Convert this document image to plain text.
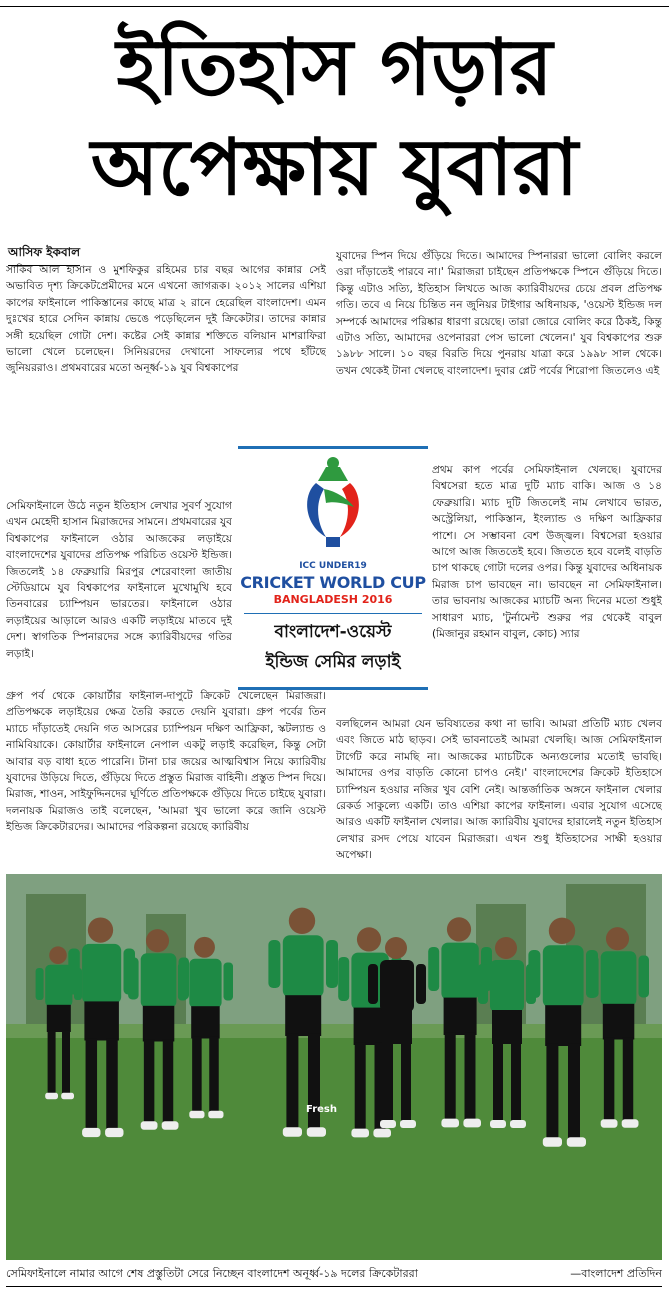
ইতিহাস গড়ার
অপেক্ষায় যুবারা
আসিফ ইকবাল

সাকিব আল হাসান ও মুশফিকুর রহিমের চার বছর আগের কান্নার সেই অভাবিত দৃশ্য ক্রিকেটপ্রেমীদের মনে এখনো জাগরূক। ২০১২ সালের এশিয়া কাপের ফাইনালে পাকিস্তানের কাছে মাত্র ২ রানে হেরেছিল বাংলাদেশ। এমন দুঃখের হারে সেদিন কান্নায় ভেঙে পড়েছিলেন দুই ক্রিকেটার। তাদের কান্নার সঙ্গী হয়েছিল গোটা দেশ। কষ্টের সেই কান্নার শক্তিতে বলিয়ান মাশরাফিরা ভালো খেলে চলেছেন। সিনিয়রদের দেখানো সাফল্যের পথে হাঁটছে জুনিয়ররাও। প্রথমবারের মতো অনূর্ধ্ব-১৯ যুব বিশ্বকাপের

সেমিফাইনালে উঠে নতুন ইতিহাস লেখার সুবর্ণ সুযোগ এখন মেহেদী হাসান মিরাজদের সামনে। প্রথমবারের যুব বিশ্বকাপের ফাইনালে ওঠার আজকের লড়াইয়ে বাংলাদেশের যুবাদের প্রতিপক্ষ পরিচিত ওয়েস্ট ইন্ডিজ। জিতলেই ১৪ ফেব্রুয়ারি মিরপুর শেরেবাংলা জাতীয় স্টেডিয়ামে যুব বিশ্বকাপের ফাইনালে মুখোমুখি হবে তিনবারের চ্যাম্পিয়ন ভারতের। ফাইনালে ওঠার লড়াইয়ের আড়ালে আরও একটি লড়াইয়ে মাতবে দুই দেশ। স্বাগতিক স্পিনারদের সঙ্গে ক্যারিবীয়দের গতির লড়াই।

গ্রুপ পর্ব থেকে কোয়ার্টার ফাইনাল-দাপুটে ক্রিকেট খেলেছেন মিরাজরা। প্রতিপক্ষকে লড়াইয়ের ক্ষেত্র তৈরি করতে দেয়নি যুবারা। গ্রুপ পর্বের তিন ম্যাচে দাঁড়াতেই দেয়নি গত আসরের চ্যাম্পিয়ন দক্ষিণ আফ্রিকা, স্কটল্যান্ড ও নামিবিয়াকে। কোয়ার্টার ফাইনালে নেপাল একটু লড়াই করেছিল, কিন্তু সেটা আবার বড় বাধা হতে পারেনি। টানা চার জয়ের আত্মবিশ্বাস নিয়ে ক্যারিবীয় যুবাদের উড়িয়ে দিতে, গুঁড়িয়ে দিতে প্রস্তুত মিরাজ বাহিনী। প্রস্তুত স্পিন দিয়ে। মিরাজ, শাওন, সাইফুদ্দিনদের ঘূর্ণিতে প্রতিপক্ষকে গুঁড়িয়ে দিতে চাইছে যুবারা। দলনায়ক মিরাজও তাই বলেছেন, 'আমরা খুব ভালো করে জানি ওয়েস্ট ইন্ডিজ ক্রিকেটারদের। আমাদের পরিকল্পনা রয়েছে ক্যারিবীয়

যুবাদের স্পিন দিয়ে গুঁড়িয়ে দিতে। আমাদের স্পিনাররা ভালো বোলিং করলে ওরা দাঁড়াতেই পারবে না।' মিরাজরা চাইছেন প্রতিপক্ষকে স্পিনে গুঁড়িয়ে দিতে। কিন্তু এটাও সত্যি, ইতিহাস লিখতে আজ ক্যারিবীয়দের চেয়ে প্রবল প্রতিপক্ষ গতি। তবে এ নিয়ে চিন্তিত নন জুনিয়র টাইগার অধিনায়ক, 'ওয়েস্ট ইন্ডিজ দল সম্পর্কে আমাদের পরিষ্কার ধারণা রয়েছে। তারা জোরে বোলিং করে ঠিকই, কিন্তু এটাও সত্যি, আমাদের ওপেনাররা পেস ভালো খেলেন।' যুব বিশ্বকাপের শুরু ১৯৮৮ সালে। ১০ বছর বিরতি দিয়ে পুনরায় যাত্রা করে ১৯৯৮ সাল থেকে। তখন থেকেই টানা খেলছে বাংলাদেশ। দুবার প্লেট পর্বের শিরোপা জিতলেও এই

প্রথম কাপ পর্বের সেমিফাইনাল খেলছে। যুবাদের বিশ্বসেরা হতে মাত্র দুটি ম্যাচ বাকি। আজ ও ১৪ ফেব্রুয়ারি। ম্যাচ দুটি জিতলেই নাম লেখাবে ভারত, অস্ট্রেলিয়া, পাকিস্তান, ইংল্যান্ড ও দক্ষিণ আফ্রিকার পাশে। সে সম্ভাবনা বেশ উজ্জ্বল। বিশ্বসেরা হওয়ার আগে আজ জিততেই হবে। জিততে হবে বলেই বাড়তি চাপ থাকছে গোটা দলের ওপর। কিন্তু যুবাদের অধিনায়ক মিরাজ চাপ ভাবছেন না। ভাবছেন না সেমিফাইনাল। তার ভাবনায় আজকের ম্যাচটি অন্য দিনের মতো শুধুই সাধারণ ম্যাচ, 'টুর্নামেন্ট শুরুর পর থেকেই বাবুল (মিজানুর রহমান বাবুল, কোচ) স্যার

বলছিলেন আমরা যেন ভবিষ্যতের কথা না ভাবি। আমরা প্রতিটি ম্যাচ খেলব এবং জিতে মাঠ ছাড়ব। সেই ভাবনাতেই আমরা খেলছি। আজ সেমিফাইনাল টার্গেট করে নামছি না। আজকের ম্যাচটিকে অন্যগুলোর মতোই ভাবছি। আমাদের ওপর বাড়তি কোনো চাপও নেই।' বাংলাদেশের ক্রিকেট ইতিহাসে চ্যাম্পিয়ন হওয়ার নজির খুব বেশি নেই। আন্তর্জাতিক অঙ্গনে ফাইনাল খেলার রেকর্ড সাকুল্যে একটি। তাও এশিয়া কাপের ফাইনাল। এবার সুযোগ এসেছে আরও একটি ফাইনাল খেলার। আজ ক্যারিবীয় যুবাদের হারালেই নতুন ইতিহাস লেখার রসদ পেয়ে যাবেন মিরাজরা। এখন শুধু ইতিহাসের সাক্ষী হওয়ার অপেক্ষা।

ICC UNDER19
CRICKET WORLD CUP
BANGLADESH 2016
বাংলাদেশ-ওয়েস্ট
ইন্ডিজ সেমির লড়াই
Fresh
সেমিফাইনালে নামার আগে শেষ প্রস্তুতিটা সেরে নিচ্ছেন বাংলাদেশ অনূর্ধ্ব-১৯ দলের ক্রিকেটাররা	—বাংলাদেশ প্রতিদিন
